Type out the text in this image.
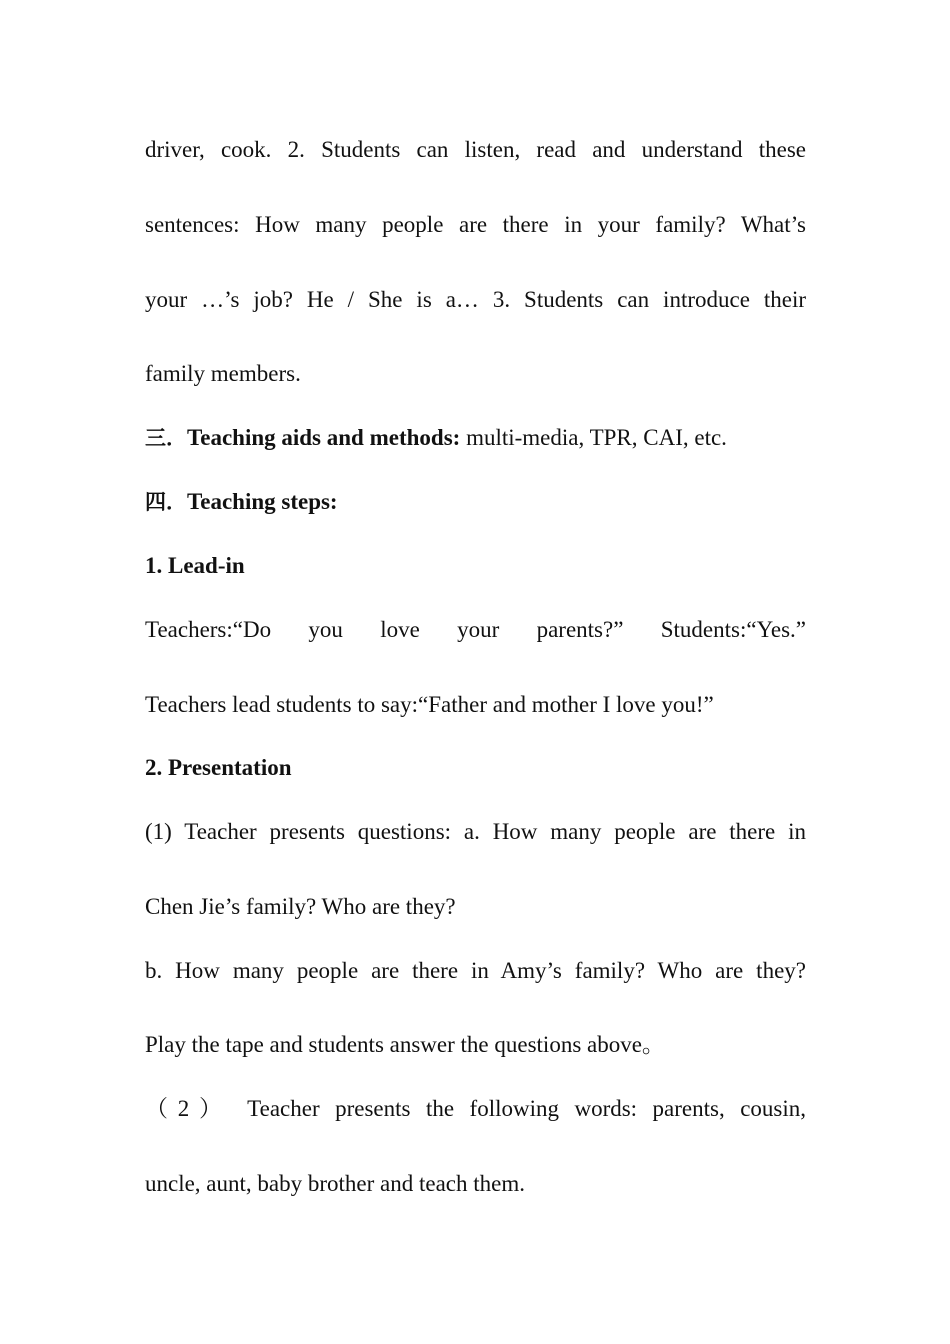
driver, cook. 2. Students can listen, read and understand these
sentences: How many people are there in your family? What’s
your …’s job? He / She is a… 3. Students can introduce their
family members.
三．Teaching aids and methods: multi-media, TPR, CAI, etc.
四．Teaching steps:
1. Lead-in
Teachers:“Do you love your parents?” Students:“Yes.”
Teachers lead students to say:“Father and mother I love you!”
2. Presentation
(1) Teacher presents questions: a. How many people are there in
Chen Jie’s family? Who are they?
b. How many people are there in Amy’s family? Who are they?
Play the tape and students answer the questions above。
（2） Teacher presents the following words: parents, cousin,
uncle, aunt, baby brother and teach them.
